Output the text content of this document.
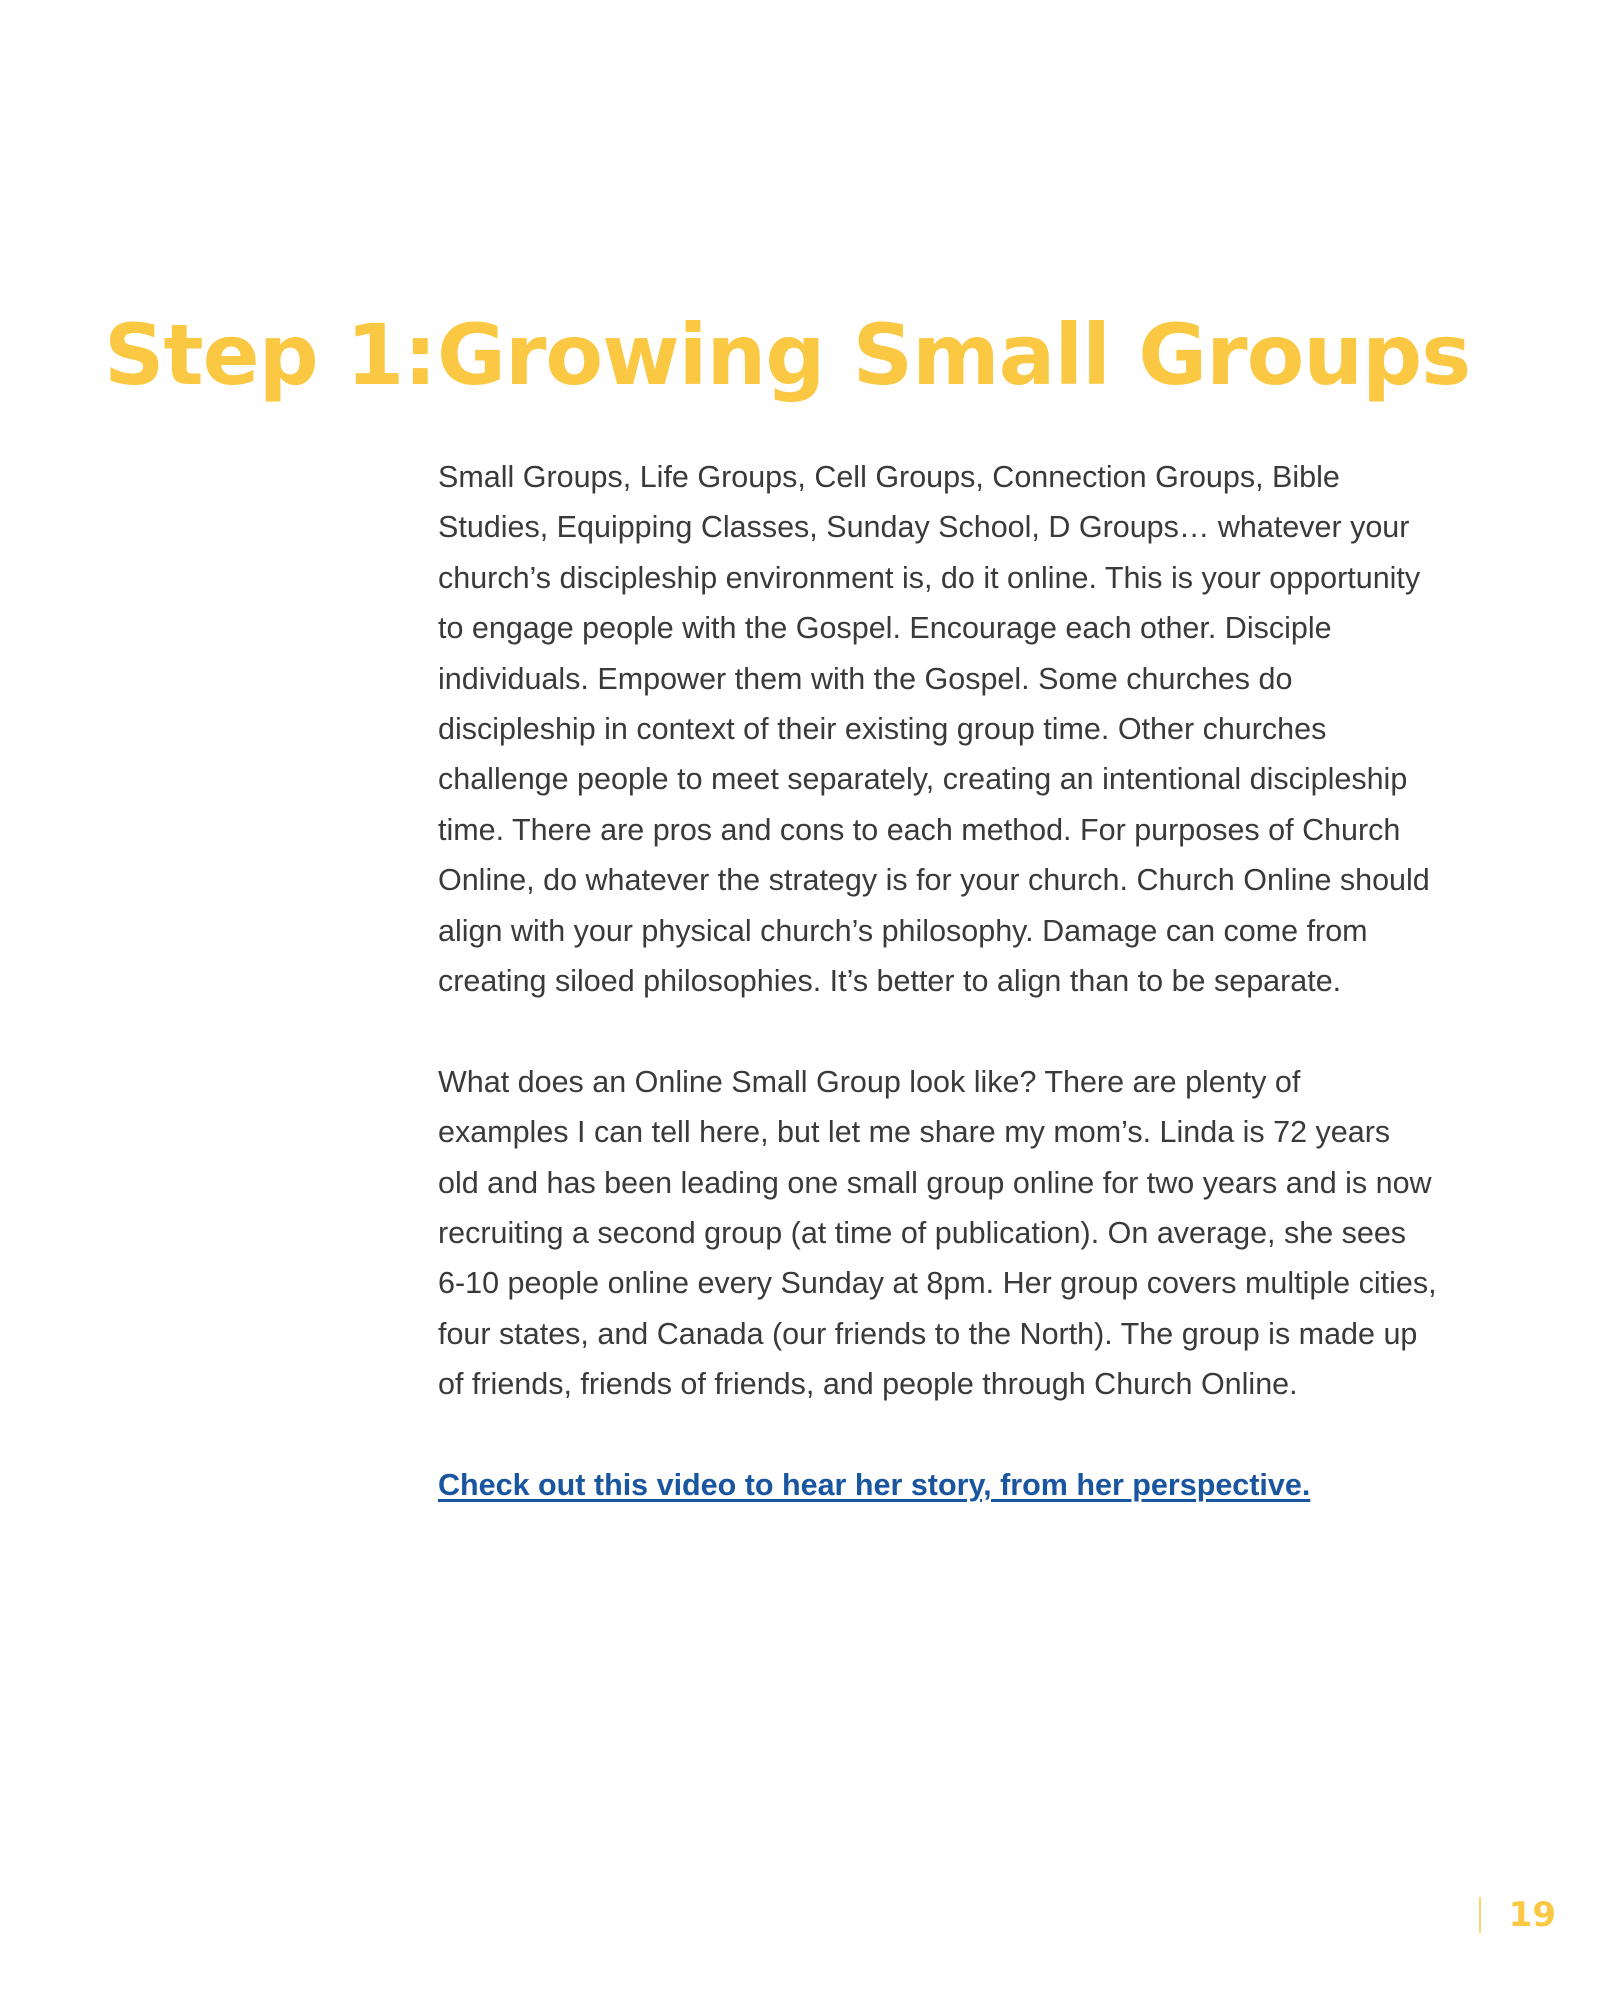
Step 1:Growing Small Groups

Small Groups, Life Groups, Cell Groups, Connection Groups, Bible Studies, Equipping Classes, Sunday School, D Groups… whatever your church’s discipleship environment is, do it online. This is your opportunity to engage people with the Gospel. Encourage each other. Disciple individuals. Empower them with the Gospel. Some churches do discipleship in context of their existing group time. Other churches challenge people to meet separately, creating an intentional discipleship time. There are pros and cons to each method. For purposes of Church Online, do whatever the strategy is for your church. Church Online should align with your physical church’s philosophy. Damage can come from creating siloed philosophies. It’s better to align than to be separate.

What does an Online Small Group look like? There are plenty of examples I can tell here, but let me share my mom’s. Linda is 72 years old and has been leading one small group online for two years and is now recruiting a second group (at time of publication). On average, she sees 6-10 people online every Sunday at 8pm. Her group covers multiple cities, four states, and Canada (our friends to the North). The group is made up of friends, friends of friends, and people through Church Online.

Check out this video to hear her story, from her perspective.

19
